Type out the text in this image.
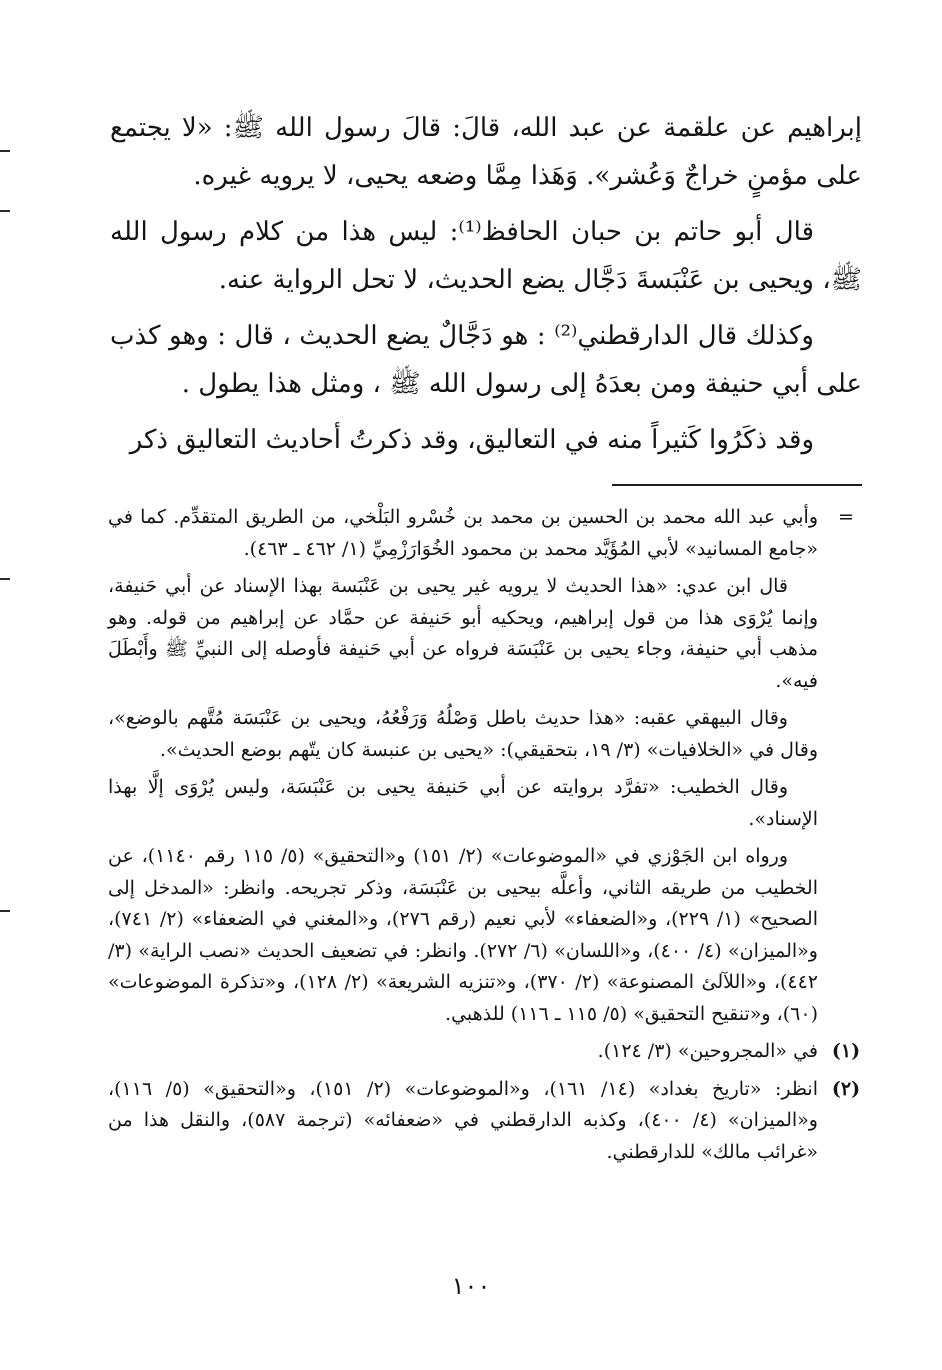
إبراهيم عن علقمة عن عبد الله، قالَ: قالَ رسول الله ﷺ: «لا يجتمع على مؤمنٍ خراجٌ وَعُشر». وَهَذا مِمَّا وضعه يحيى، لا يرويه غيره.

قال أبو حاتم بن حبان الحافظ⁽¹⁾: ليس هذا من كلام رسول الله ﷺ، ويحيى بن عَنْبَسةَ دَجَّال يضع الحديث، لا تحل الرواية عنه.

وكذلك قال الدارقطني⁽²⁾ : هو دَجَّالٌ يضع الحديث ، قال : وهو كذب على أبي حنيفة ومن بعدَهُ إلى رسول الله ﷺ ، ومثل هذا يطول .

وقد ذكَرُوا كَثيراً منه في التعاليق، وقد ذكرتُ أحاديث التعاليق ذكر

=
وأبي عبد الله محمد بن الحسين بن محمد بن خُسْرو البَلْخي، من الطريق المتقدِّم. كما في «جامع المسانيد» لأبي المُؤَيَّد محمد بن محمود الخُوَارَزْمِيِّ (١/ ٤٦٢ ـ ٤٦٣).
قال ابن عدي: «هذا الحديث لا يرويه غير يحيى بن عَنْبَسة بهذا الإسناد عن أبي حَنيفة، وإنما يُرْوَى هذا من قول إبراهيم، ويحكيه أبو حَنيفة عن حمَّاد عن إبراهيم من قوله. وهو مذهب أبي حنيفة، وجاء يحيى بن عَنْبَسَة فرواه عن أبي حَنيفة فأوصله إلى النبيِّ ﷺ وأَبْطَلَ فيه».
وقال البيهقي عقبه: «هذا حديث باطل وَصْلُهُ وَرَفْعُهُ، ويحيى بن عَنْبَسَة مُتَّهم بالوضع»، وقال في «الخلافيات» (٣/ ١٩، بتحقيقي): «يحيى بن عنبسة كان يتّهم بوضع الحديث».
وقال الخطيب: «تفرَّد بروايته عن أبي حَنيفة يحيى بن عَنْبَسَة، وليس يُرْوَى إلَّا بهذا الإسناد».
ورواه ابن الجَوْزي في «الموضوعات» (٢/ ١٥١) و«التحقيق» (٥/ ١١٥ رقم ١١٤٠)، عن الخطيب من طريقه الثاني، وأعلَّه بيحيى بن عَنْبَسَة، وذكر تجريحه. وانظر: «المدخل إلى الصحيح» (١/ ٢٢٩)، و«الضعفاء» لأبي نعيم (رقم ٢٧٦)، و«المغني في الضعفاء» (٢/ ٧٤١)، و«الميزان» (٤/ ٤٠٠)، و«اللسان» (٦/ ٢٧٢). وانظر: في تضعيف الحديث «نصب الراية» (٣/ ٤٤٢)، و«اللآلئ المصنوعة» (٢/ ٣٧٠)، و«تنزيه الشريعة» (٢/ ١٢٨)، و«تذكرة الموضوعات» (٦٠)، و«تنقيح التحقيق» (٥/ ١١٥ ـ ١١٦) للذهبي.
(١)
في «المجروحين» (٣/ ١٢٤).
(٢)
انظر: «تاريخ بغداد» (١٤/ ١٦١)، و«الموضوعات» (٢/ ١٥١)، و«التحقيق» (٥/ ١١٦)، و«الميزان» (٤/ ٤٠٠)، وكذبه الدارقطني في «ضعفائه» (ترجمة ٥٨٧)، والنقل هذا من «غرائب مالك» للدارقطني.
١٠٠
